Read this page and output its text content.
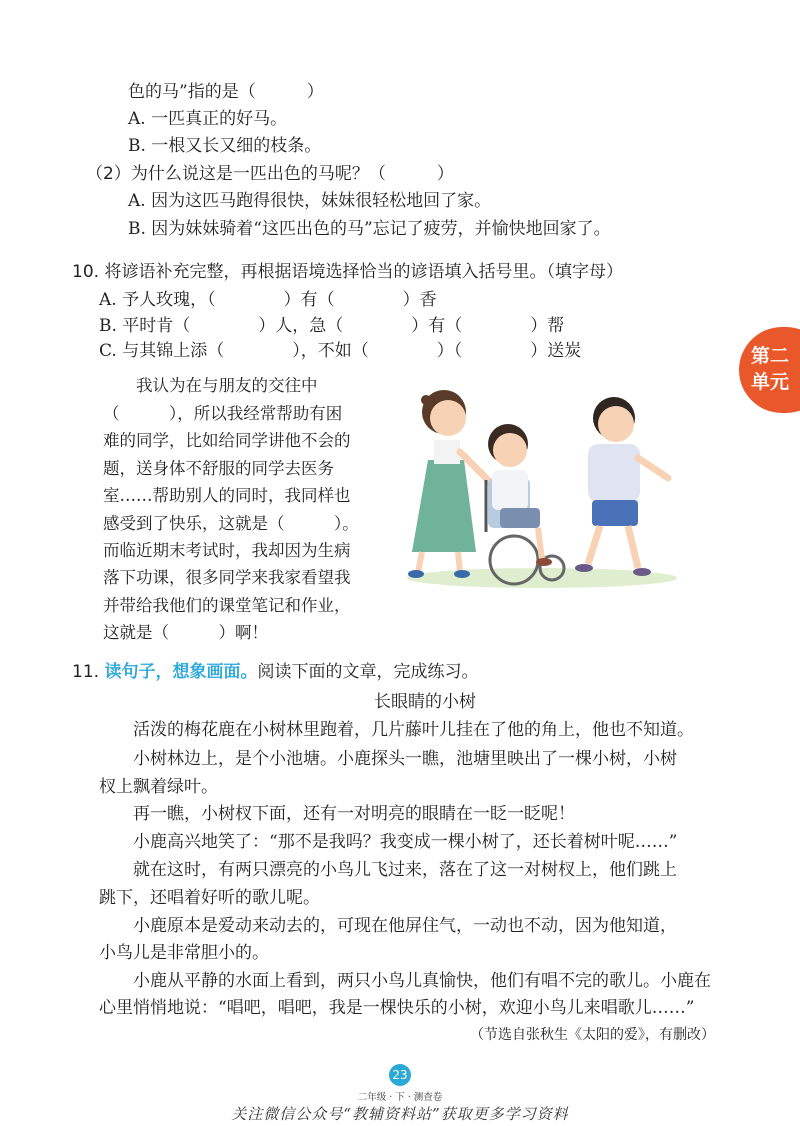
色的马”指的是（　　　）
A. 一匹真正的好马。
B. 一根又长又细的枝条。
（2）为什么说这是一匹出色的马呢？（　　　）
A. 因为这匹马跑得很快，妹妹很轻松地回了家。
B. 因为妹妹骑着“这匹出色的马”忘记了疲劳，并愉快地回家了。
10. 将谚语补充完整，再根据语境选择恰当的谚语填入括号里。（填字母）
A. 予人玫瑰，（　　　　）有（　　　　）香
B. 平时肯（　　　　）人，急（　　　　）有（　　　　）帮
C. 与其锦上添（　　　　），不如（　　　　）（　　　　）送炭
　　我认为在与朋友的交往中
（　　　），所以我经常帮助有困
难的同学，比如给同学讲他不会的
题，送身体不舒服的同学去医务
室……帮助别人的同时，我同样也
感受到了快乐，这就是（　　　）。
而临近期末考试时，我却因为生病
落下功课，很多同学来我家看望我
并带给我他们的课堂笔记和作业，
这就是（　　　）啊！
第二
单元
11. 读句子，想象画面。阅读下面的文章，完成练习。
长眼睛的小树
　　活泼的梅花鹿在小树林里跑着，几片藤叶儿挂在了他的角上，他也不知道。
　　小树林边上，是个小池塘。小鹿探头一瞧，池塘里映出了一棵小树，小树
杈上飘着绿叶。
　　再一瞧，小树杈下面，还有一对明亮的眼睛在一眨一眨呢！
　　小鹿高兴地笑了：“那不是我吗？我变成一棵小树了，还长着树叶呢……”
　　就在这时，有两只漂亮的小鸟儿飞过来，落在了这一对树杈上，他们跳上
跳下，还唱着好听的歌儿呢。
　　小鹿原本是爱动来动去的，可现在他屏住气，一动也不动，因为他知道，
小鸟儿是非常胆小的。
　　小鹿从平静的水面上看到，两只小鸟儿真愉快，他们有唱不完的歌儿。小鹿在
心里悄悄地说：“唱吧，唱吧，我是一棵快乐的小树，欢迎小鸟儿来唱歌儿……”
（节选自张秋生《太阳的爱》，有删改）
23
二年级 · 下 · 测查卷
关注微信公众号“教辅资料站”获取更多学习资料
